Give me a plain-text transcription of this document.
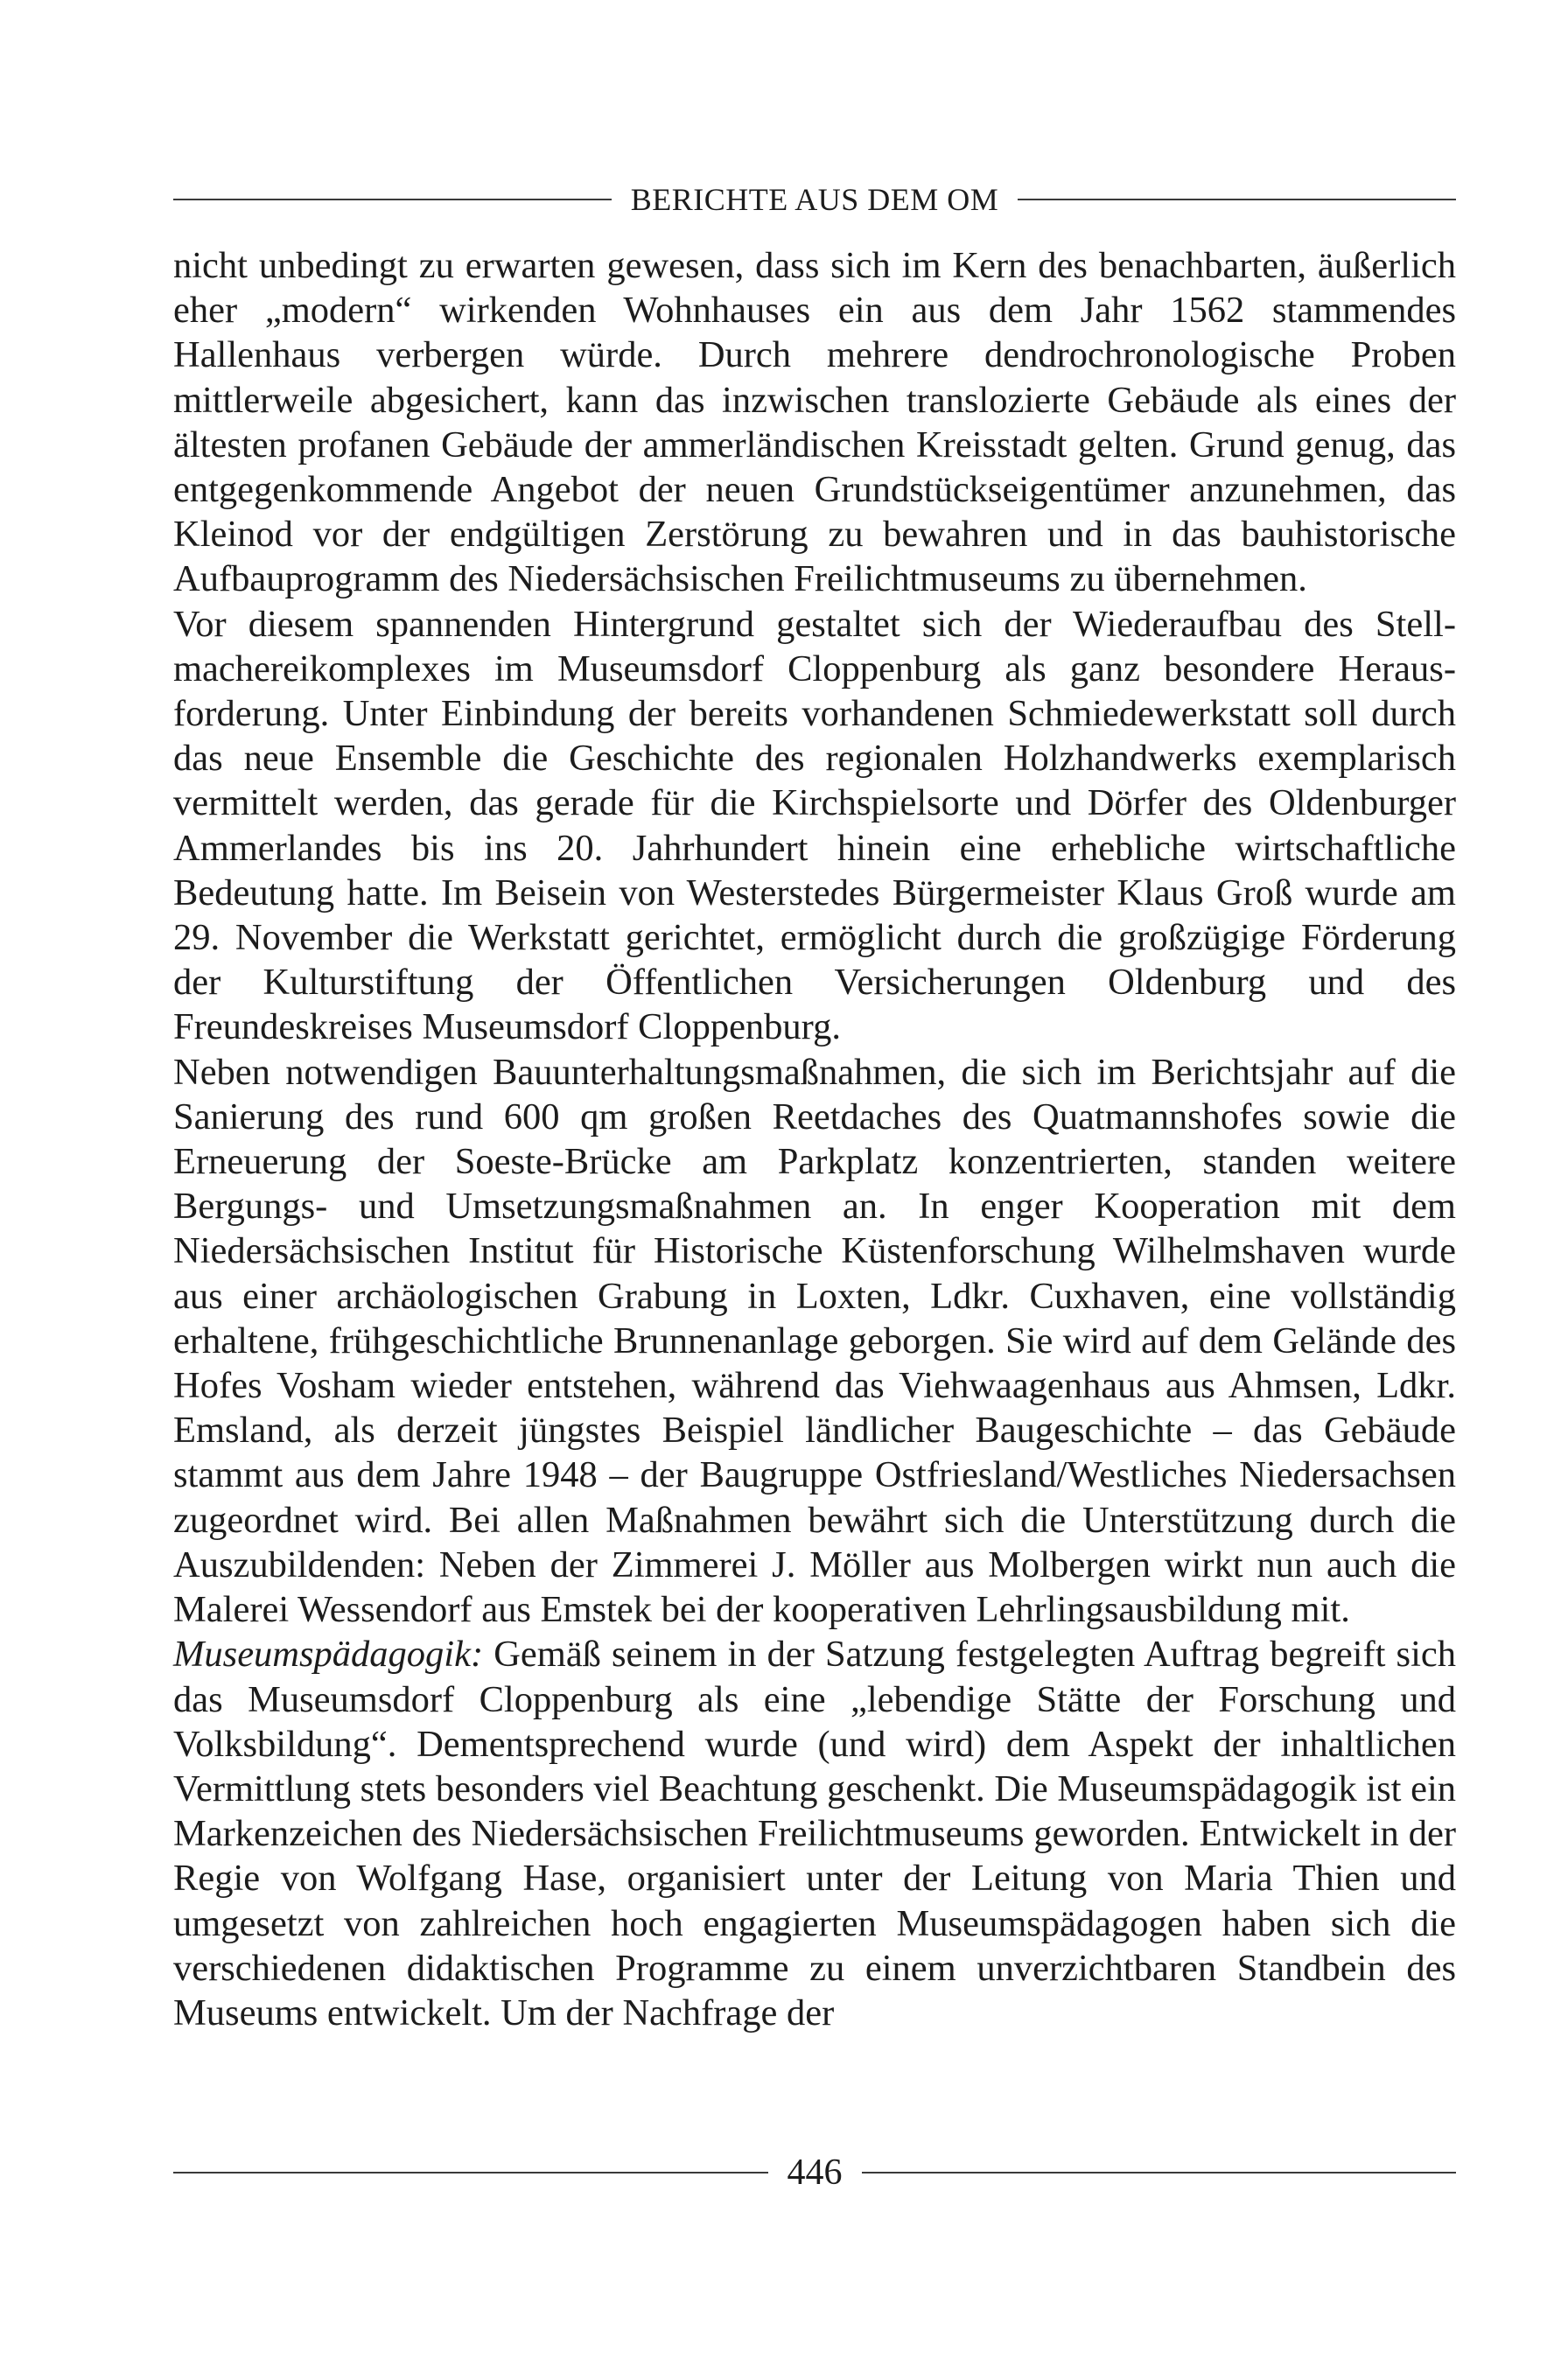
BERICHTE AUS DEM OM

nicht unbedingt zu erwarten gewesen, dass sich im Kern des benachbarten, äußerlich eher „modern“ wirkenden Wohnhauses ein aus dem Jahr 1562 stammendes Hallenhaus verbergen würde. Durch mehrere dendrochronologische Proben mittlerweile abgesichert, kann das inzwischen translozierte Gebäude als eines der ältesten profanen Gebäude der ammerländischen Kreisstadt gelten. Grund genug, das entgegenkommende Angebot der neuen Grundstückseigentümer anzunehmen, das Kleinod vor der endgültigen Zerstörung zu bewahren und in das bauhistorische Aufbauprogramm des Niedersächsischen Freilichtmuseums zu übernehmen.

Vor diesem spannenden Hintergrund gestaltet sich der Wiederaufbau des Stellmachereikomplexes im Museumsdorf Cloppenburg als ganz besondere Herausforderung. Unter Einbindung der bereits vorhandenen Schmiedewerkstatt soll durch das neue Ensemble die Geschichte des regionalen Holzhandwerks exemplarisch vermittelt werden, das gerade für die Kirchspielsorte und Dörfer des Oldenburger Ammerlandes bis ins 20. Jahrhundert hinein eine erhebliche wirtschaftliche Bedeutung hatte. Im Beisein von Westerstedes Bürgermeister Klaus Groß wurde am 29. November die Werkstatt gerichtet, ermöglicht durch die großzügige Förderung der Kulturstiftung der Öffentlichen Versicherungen Oldenburg und des Freundeskreises Museumsdorf Cloppenburg.

Neben notwendigen Bauunterhaltungsmaßnahmen, die sich im Berichtsjahr auf die Sanierung des rund 600 qm großen Reetdaches des Quatmannshofes sowie die Erneuerung der Soeste-Brücke am Parkplatz konzentrierten, standen weitere Bergungs- und Umsetzungsmaßnahmen an. In enger Kooperation mit dem Niedersächsischen Institut für Historische Küstenforschung Wilhelmshaven wurde aus einer archäologischen Grabung in Loxten, Ldkr. Cuxhaven, eine vollständig erhaltene, frühgeschichtliche Brunnenanlage geborgen. Sie wird auf dem Gelände des Hofes Vosham wieder entstehen, während das Viehwaagenhaus aus Ahmsen, Ldkr. Emsland, als derzeit jüngstes Beispiel ländlicher Baugeschichte – das Gebäude stammt aus dem Jahre 1948 – der Baugruppe Ostfriesland/Westliches Niedersachsen zugeordnet wird. Bei allen Maßnahmen bewährt sich die Unterstützung durch die Auszubildenden: Neben der Zimmerei J. Möller aus Molbergen wirkt nun auch die Malerei Wessendorf aus Emstek bei der kooperativen Lehrlingsausbildung mit.

Museumspädagogik: Gemäß seinem in der Satzung festgelegten Auftrag begreift sich das Museumsdorf Cloppenburg als eine „lebendige Stätte der Forschung und Volksbildung“. Dementsprechend wurde (und wird) dem Aspekt der inhaltlichen Vermittlung stets besonders viel Beachtung geschenkt. Die Museumspädagogik ist ein Markenzeichen des Niedersächsischen Freilichtmuseums geworden. Entwickelt in der Regie von Wolfgang Hase, organisiert unter der Leitung von Maria Thien und umgesetzt von zahlreichen hoch engagierten Museumspädagogen haben sich die verschiedenen didaktischen Programme zu einem unverzichtbaren Standbein des Museums entwickelt. Um der Nachfrage der

446
